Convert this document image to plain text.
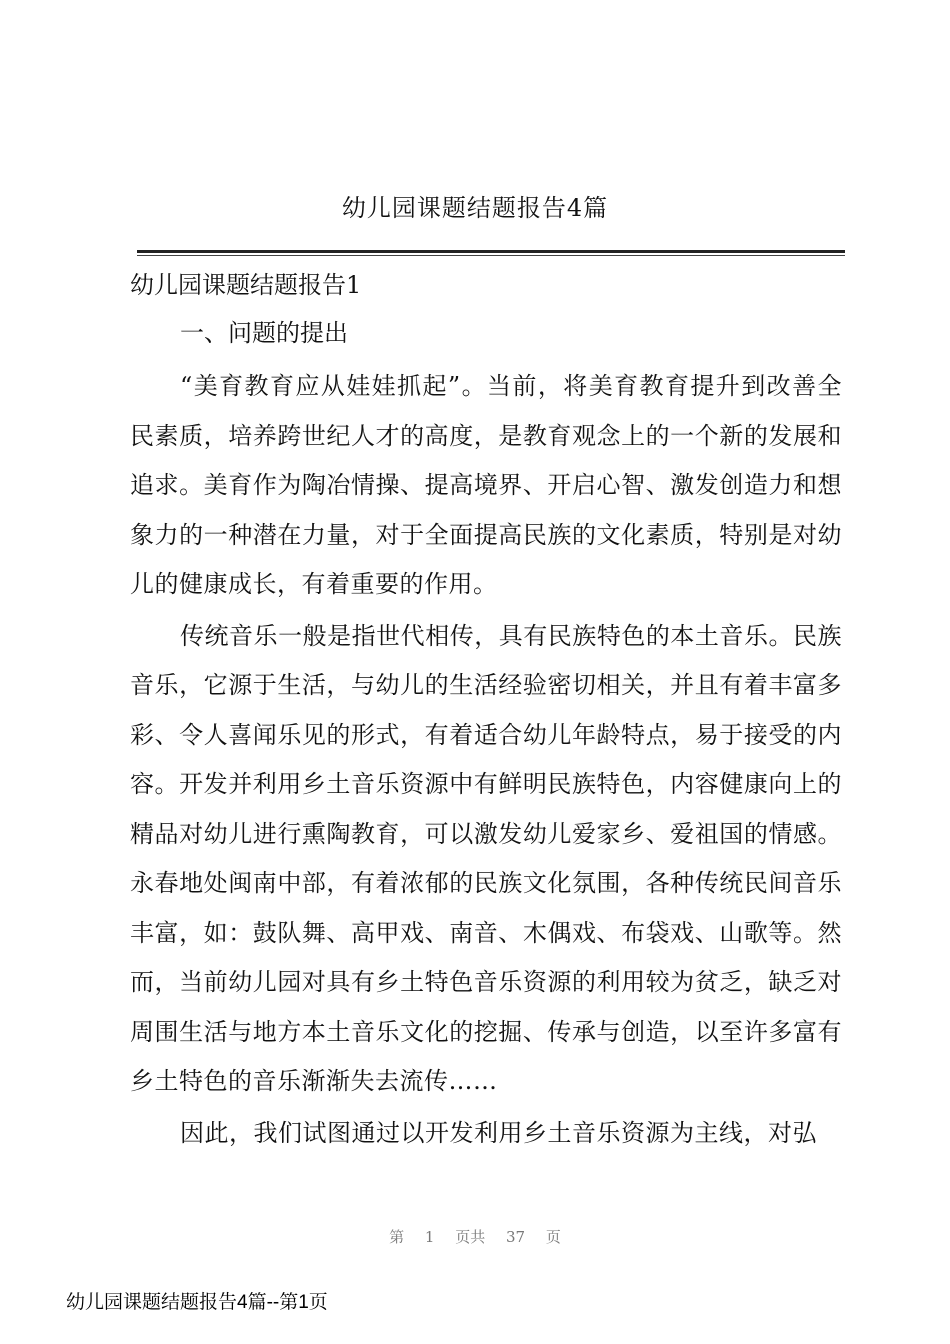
幼儿园课题结题报告4篇
幼儿园课题结题报告1
一、问题的提出

“美育教育应从娃娃抓起”。当前，将美育教育提升到改善全民素质，培养跨世纪人才的高度，是教育观念上的一个新的发展和追求。美育作为陶冶情操、提高境界、开启心智、激发创造力和想象力的一种潜在力量，对于全面提高民族的文化素质，特别是对幼儿的健康成长，有着重要的作用。

传统音乐一般是指世代相传，具有民族特色的本土音乐。民族音乐，它源于生活，与幼儿的生活经验密切相关，并且有着丰富多彩、令人喜闻乐见的形式，有着适合幼儿年龄特点，易于接受的内容。开发并利用乡土音乐资源中有鲜明民族特色，内容健康向上的精品对幼儿进行熏陶教育，可以激发幼儿爱家乡、爱祖国的情感。永春地处闽南中部，有着浓郁的民族文化氛围，各种传统民间音乐丰富，如：鼓队舞、高甲戏、南音、木偶戏、布袋戏、山歌等。然而，当前幼儿园对具有乡土特色音乐资源的利用较为贫乏，缺乏对周围生活与地方本土音乐文化的挖掘、传承与创造，以至许多富有乡土特色的音乐渐渐失去流传……

因此，我们试图通过以开发利用乡土音乐资源为主线，对弘

第 1 页共 37 页
幼儿园课题结题报告4篇--第1页
